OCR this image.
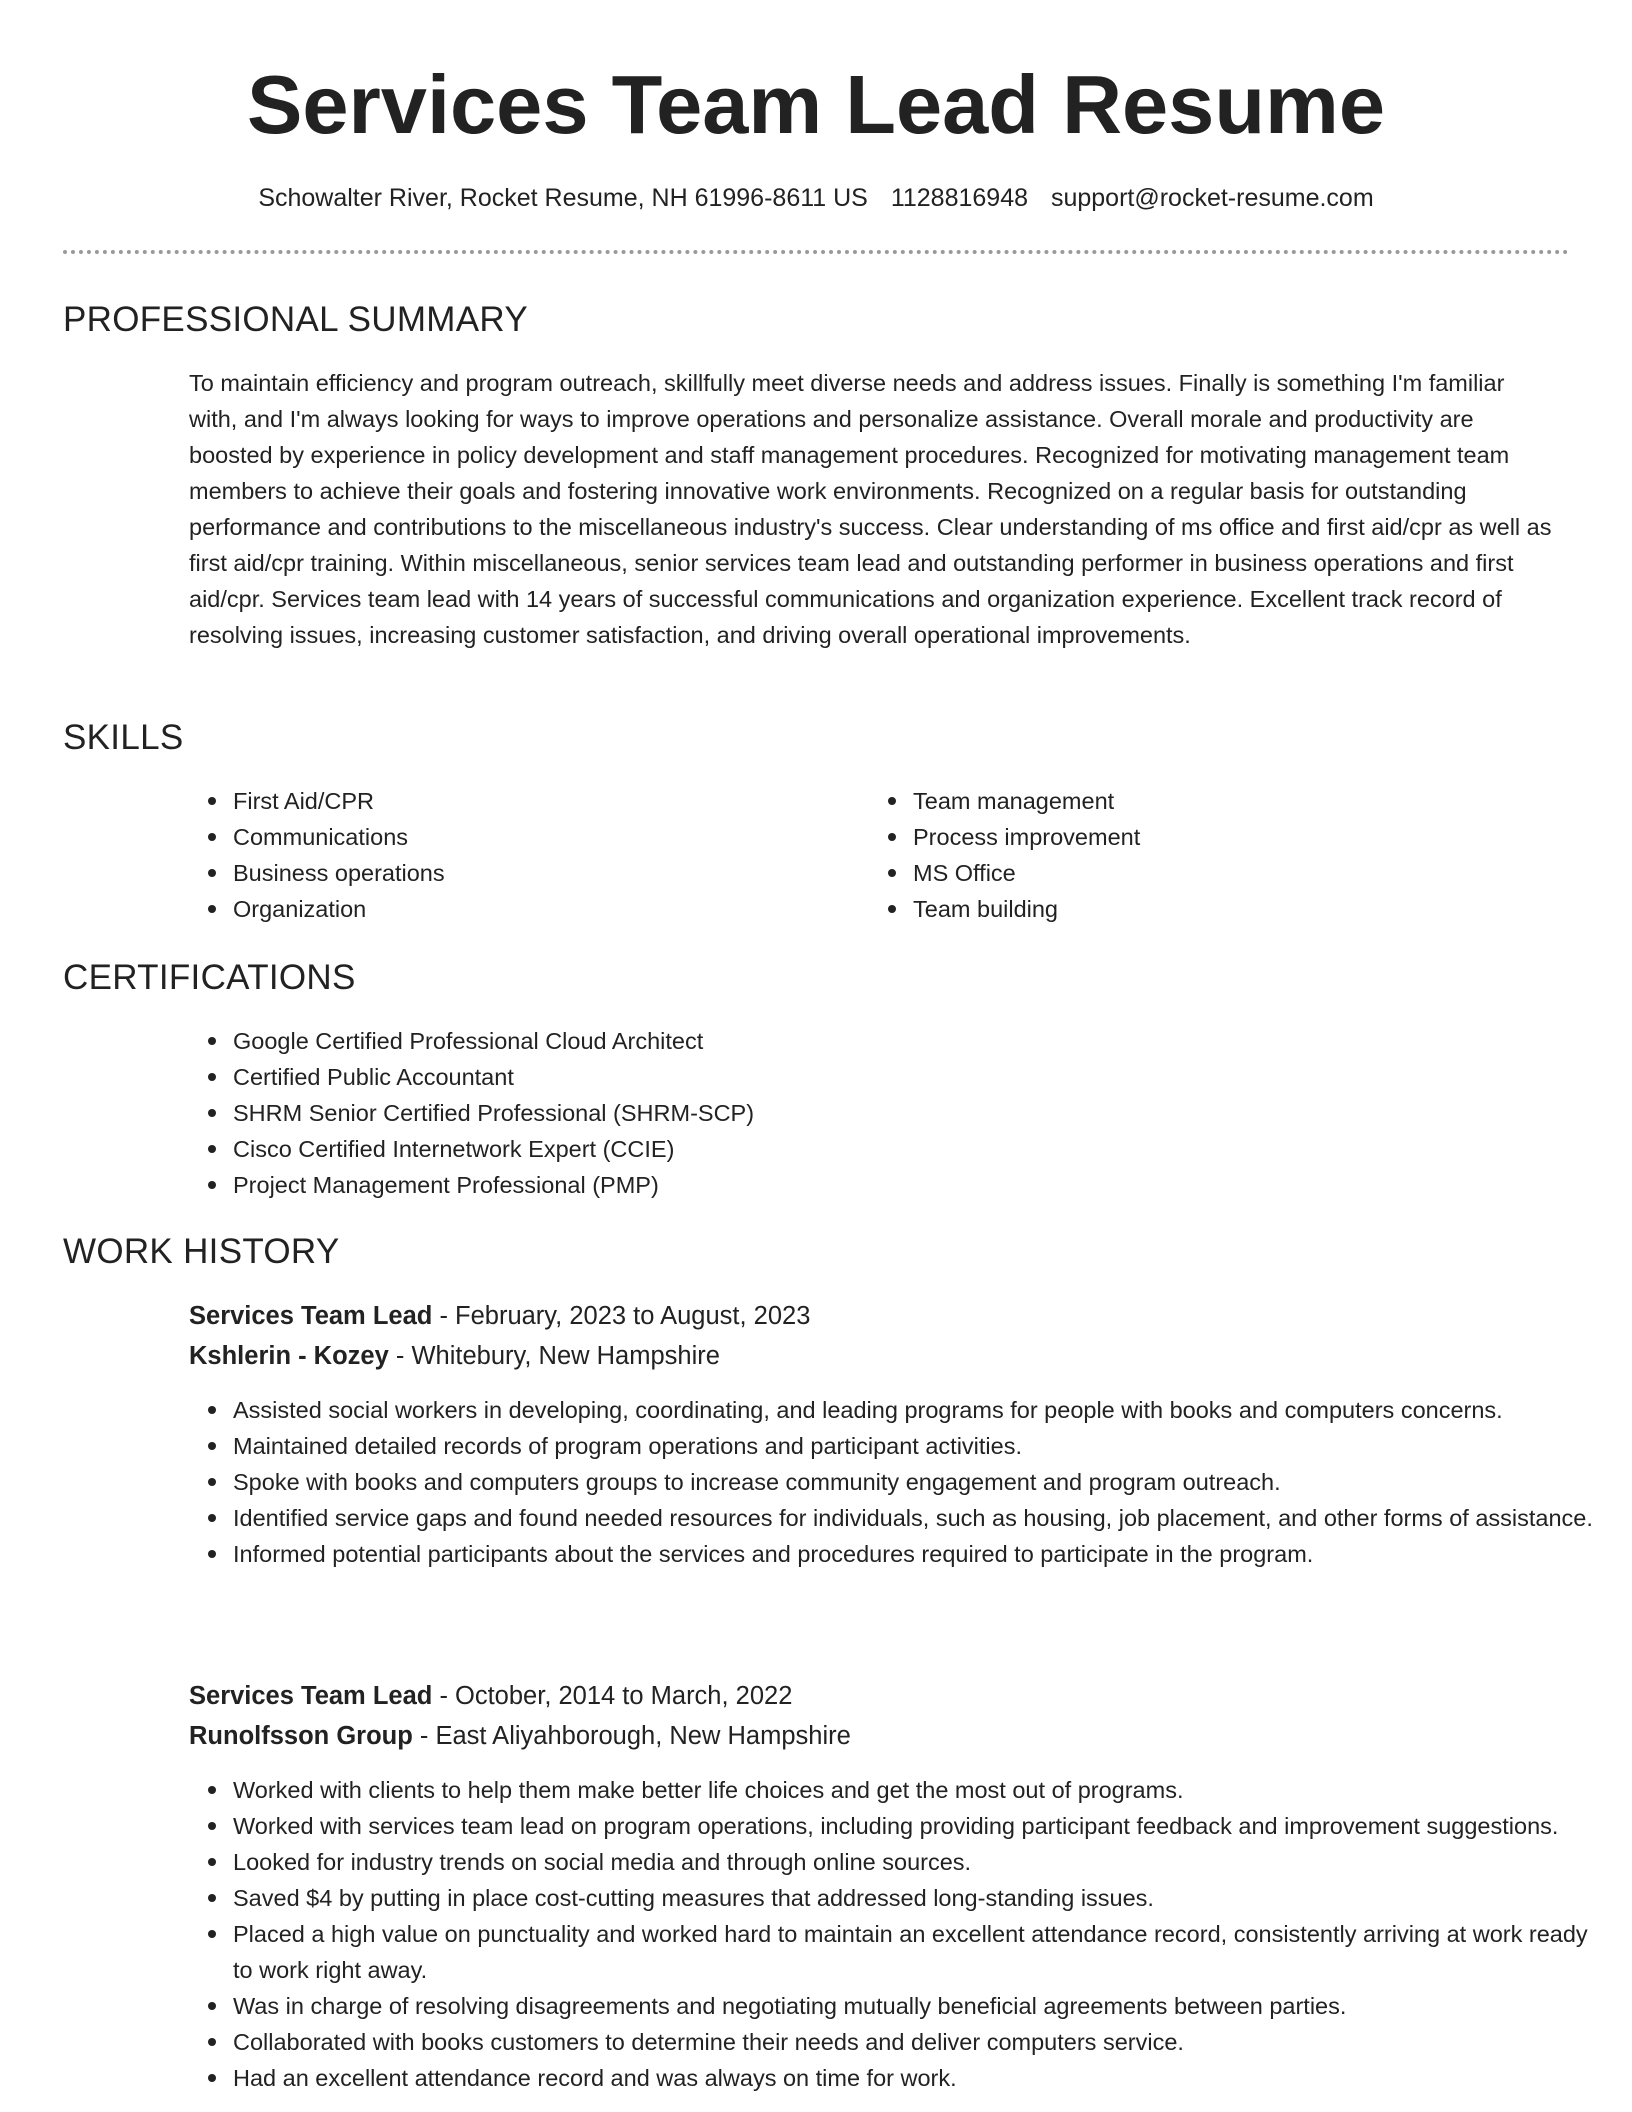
Services Team Lead Resume
Schowalter River, Rocket Resume, NH 61996-8611 US 1128816948 support@rocket-resume.com
PROFESSIONAL SUMMARY

To maintain efficiency and program outreach, skillfully meet diverse needs and address issues. Finally is something I'm familiar with, and I'm always looking for ways to improve operations and personalize assistance. Overall morale and productivity are boosted by experience in policy development and staff management procedures. Recognized for motivating management team members to achieve their goals and fostering innovative work environments. Recognized on a regular basis for outstanding performance and contributions to the miscellaneous industry's success. Clear understanding of ms office and first aid/cpr as well as first aid/cpr training. Within miscellaneous, senior services team lead and outstanding performer in business operations and first aid/cpr. Services team lead with 14 years of successful communications and organization experience. Excellent track record of resolving issues, increasing customer satisfaction, and driving overall operational improvements.

SKILLS
First Aid/CPR
Communications
Business operations
Organization
Team management
Process improvement
MS Office
Team building
CERTIFICATIONS
Google Certified Professional Cloud Architect
Certified Public Accountant
SHRM Senior Certified Professional (SHRM-SCP)
Cisco Certified Internetwork Expert (CCIE)
Project Management Professional (PMP)
WORK HISTORY

Services Team Lead - February, 2023 to August, 2023

Kshlerin - Kozey - Whitebury, New Hampshire

Assisted social workers in developing, coordinating, and leading programs for people with books and computers concerns.
Maintained detailed records of program operations and participant activities.
Spoke with books and computers groups to increase community engagement and program outreach.
Identified service gaps and found needed resources for individuals, such as housing, job placement, and other forms of assistance.
Informed potential participants about the services and procedures required to participate in the program.

Services Team Lead - October, 2014 to March, 2022

Runolfsson Group - East Aliyahborough, New Hampshire

Worked with clients to help them make better life choices and get the most out of programs.
Worked with services team lead on program operations, including providing participant feedback and improvement suggestions.
Looked for industry trends on social media and through online sources.
Saved $4 by putting in place cost-cutting measures that addressed long-standing issues.
Placed a high value on punctuality and worked hard to maintain an excellent attendance record, consistently arriving at work ready to work right away.
Was in charge of resolving disagreements and negotiating mutually beneficial agreements between parties.
Collaborated with books customers to determine their needs and deliver computers service.
Had an excellent attendance record and was always on time for work.
